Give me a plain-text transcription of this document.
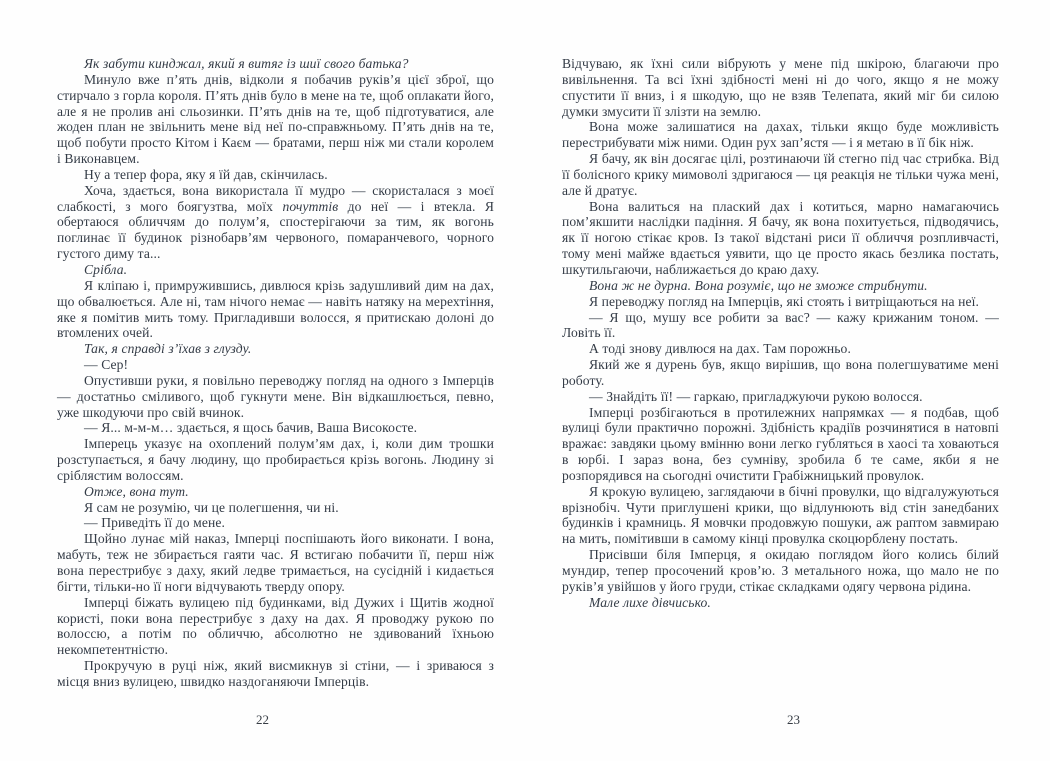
Як забути кинджал, який я витяг із шиї свого батька?

Минуло вже п’ять днів, відколи я побачив руків’я цієї зброї, що стирчало з горла короля. П’ять днів було в мене на те, щоб оплакати його, але я не пролив ані сльозинки. П’ять днів на те, щоб підготуватися, але жоден план не звільнить мене від неї по-справжньому. П’ять днів на те, щоб побути просто Кітом і Каєм — братами, перш ніж ми стали королем і Виконавцем.

Ну а тепер фора, яку я їй дав, скінчилась.

Хоча, здається, вона використала її мудро — скористалася з моєї слабкості, з мого боягузтва, моїх почуттів до неї — і втекла. Я обертаюся обличчям до полум’я, спостерігаючи за тим, як вогонь поглинає її будинок різнобарв’ям червоного, помаранчевого, чорного густого диму та...

Срібла.

Я кліпаю і, примружившись, дивлюся крізь задушливий дим на дах, що обвалюється. Але ні, там нічого немає — навіть натяку на мерехтіння, яке я помітив мить тому. Пригладивши волосся, я притискаю долоні до втомлених очей.

Так, я справді з’їхав з глузду.

— Сер!

Опустивши руки, я повільно переводжу погляд на одного з Імперців — достатньо сміливого, щоб гукнути мене. Він відкашлюється, певно, уже шкодуючи про свій вчинок.

— Я... м-м-м… здається, я щось бачив, Ваша Високосте.

Імперець указує на охоплений полум’ям дах, і, коли дим трошки розступається, я бачу людину, що пробирається крізь вогонь. Людину зі сріблястим волоссям.

Отже, вона тут.

Я сам не розумію, чи це полегшення, чи ні.

— Приведіть її до мене.

Щойно лунає мій наказ, Імперці поспішають його виконати. І вона, мабуть, теж не збирається гаяти час. Я встигаю побачити її, перш ніж вона перестрибує з даху, який ледве тримається, на сусідній і кидається бігти, тільки-но її ноги відчувають тверду опору.

Імперці біжать вулицею під будинками, від Дужих і Щитів жодної користі, поки вона перестрибує з даху на дах. Я проводжу рукою по волоссю, а потім по обличчю, абсолютно не здивований їхньою некомпетентністю.

Прокручую в руці ніж, який висмикнув зі стіни, — і зриваюся з місця вниз вулицею, швидко наздоганяючи Імперців.

Відчуваю, як їхні сили вібрують у мене під шкірою, благаючи про вивільнення. Та всі їхні здібності мені ні до чого, якщо я не можу спустити її вниз, і я шкодую, що не взяв Телепата, який міг би силою думки змусити її злізти на землю.

Вона може залишатися на дахах, тільки якщо буде можливість перестрибувати між ними. Один рух зап’ястя — і я метаю в її бік ніж.

Я бачу, як він досягає цілі, розтинаючи їй стегно під час стрибка. Від її болісного крику мимоволі здригаюся — ця реакція не тільки чужа мені, але й дратує.

Вона валиться на плаский дах і котиться, марно намагаючись пом’якшити наслідки падіння. Я бачу, як вона похитується, підводячись, як її ногою стікає кров. Із такої відстані риси її обличчя розпливчасті, тому мені майже вдається уявити, що це просто якась безлика постать, шкутильгаючи, наближається до краю даху.

Вона ж не дурна. Вона розуміє, що не зможе стрибнути.

Я переводжу погляд на Імперців, які стоять і витріщаються на неї.

— Я що, мушу все робити за вас? — кажу крижаним тоном. — Ловіть її.

А тоді знову дивлюся на дах. Там порожньо.

Який же я дурень був, якщо вирішив, що вона полегшуватиме мені роботу.

— Знайдіть її! — гаркаю, пригладжуючи рукою волосся.

Імперці розбігаються в протилежних напрямках — я подбав, щоб вулиці були практично порожні. Здібність крадіїв розчинятися в натовпі вражає: завдяки цьому вмінню вони легко губляться в хаосі та ховаються в юрбі. І зараз вона, без сумніву, зробила б те саме, якби я не розпорядився на сьогодні очистити Грабіжницький провулок.

Я крокую вулицею, заглядаючи в бічні провулки, що відгалужуються врізнобіч. Чути приглушені крики, що відлунюють від стін занедбаних будинків і крамниць. Я мовчки продовжую пошуки, аж раптом завмираю на мить, помітивши в самому кінці провулка скоцюрблену постать.

Присівши біля Імперця, я окидаю поглядом його колись білий мундир, тепер просочений кров’ю. З метального ножа, що мало не по руків’я увійшов у його груди, стікає складками одягу червона рідина.

Мале лихе дівчисько.

22	23
